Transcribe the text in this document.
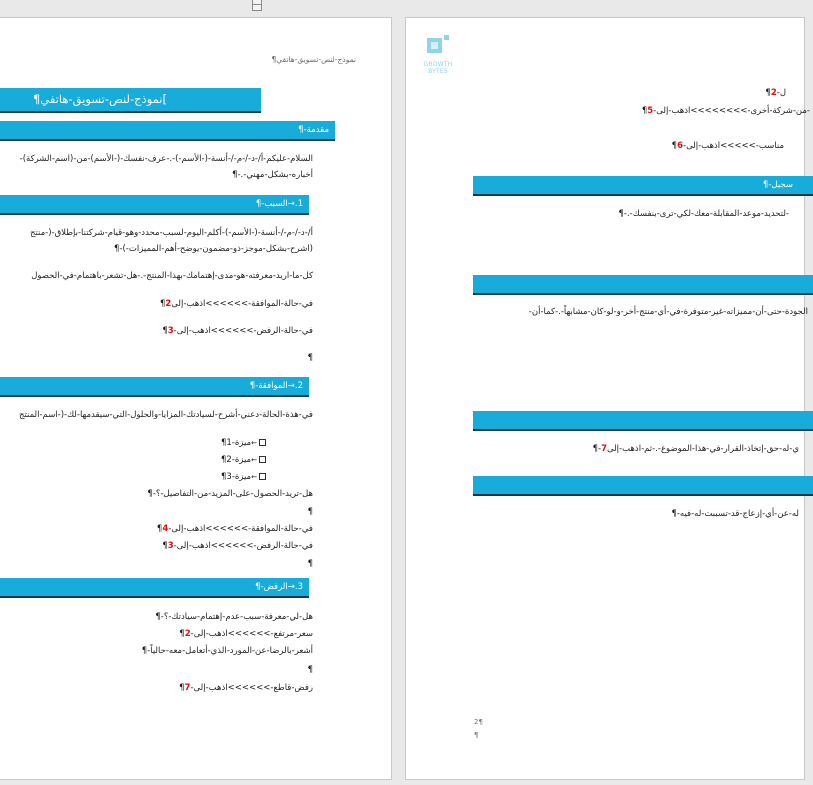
نموذج-لنص-تسويق-هاتفي¶
]نموذج-لنص-تسويق-هاتفي¶
مقدمة-¶
السلام-عليكم-أ/-د-/-م-/-أنسة-(-الأسم-)-.-عرف-نفسك-(-الأسم)-من-(اسم-الشركة)-
أخباره-بشكل-مهني-.-¶
1.→السبب-¶
أ/-د-/-م-/-أنسة-(-الأسم-)-أكلم-اليوم-لسبب-محدد-وهو-قيام-شركتنا-بإطلاق-(-منتج
(اشرح-بشكل-موجز-ذو-مضمون-يوضح-أهم-المميزات-)-¶
كل-ما-اريد-معرفته-هو-مدى-إهتمامك-بهذا-المنتج-.-هل-تشعر-باهتمام-في-الحصول
في-حالة-الموافقة->>>>>>اذهب-إلى2¶
في-حالة-الرفض->>>>>>اذهب-إلى-3¶
¶
2.→الموافقة-¶
في-هذة-الحالة-دعني-أشرح-لسيادتك-المزايا-والحلول-التي-سيقدمها-لك-(-اسم-المنتج
←ميزة-1¶
←ميزة-2¶
←ميزة-3¶
هل-تريد-الحصول-على-المزيد-من-التفاصيل-؟-¶
¶
في-حالة-الموافقة->>>>>>اذهب-إلى-4¶
في-حالة-الرفض->>>>>>اذهب-إلى-3¶
¶
3.→الرفض-¶
هل-لي-معرفة-سبب-عدم-إهتمام-سيادتك-؟-¶
سعر-مرتفع->>>>>>اذهب-إلى-2¶
أشعر-بالرضا-عن-المورد-الذي-أتعامل-معه-حالياً-¶
¶
رفض-قاطع->>>>>>اذهب-إلى-7¶
GROWTH
BYTES
ل-2¶
-من-شركة-أخرى->>>>>>>>اذهب-إلى-5¶
مناسب->>>>>اذهب-إلى-6¶
سجيل-¶
-لتحديد-موعد-المقابلة-معك-لكي-ترى-بنفسك-.-¶
الجودة-حتى-أن-مميزاته-غير-متوفرة-في-أي-منتج-أخر-و-لو-كان-مشابهاً-.-كما-أن-
ي-له-حق-إتخاذ-القرار-في-هذا-الموضوع-.-ثم-اذهب-إلى7-¶
له-عن-أي-إزعاج-قد-تسببت-له-فيه-¶
2¶
¶
